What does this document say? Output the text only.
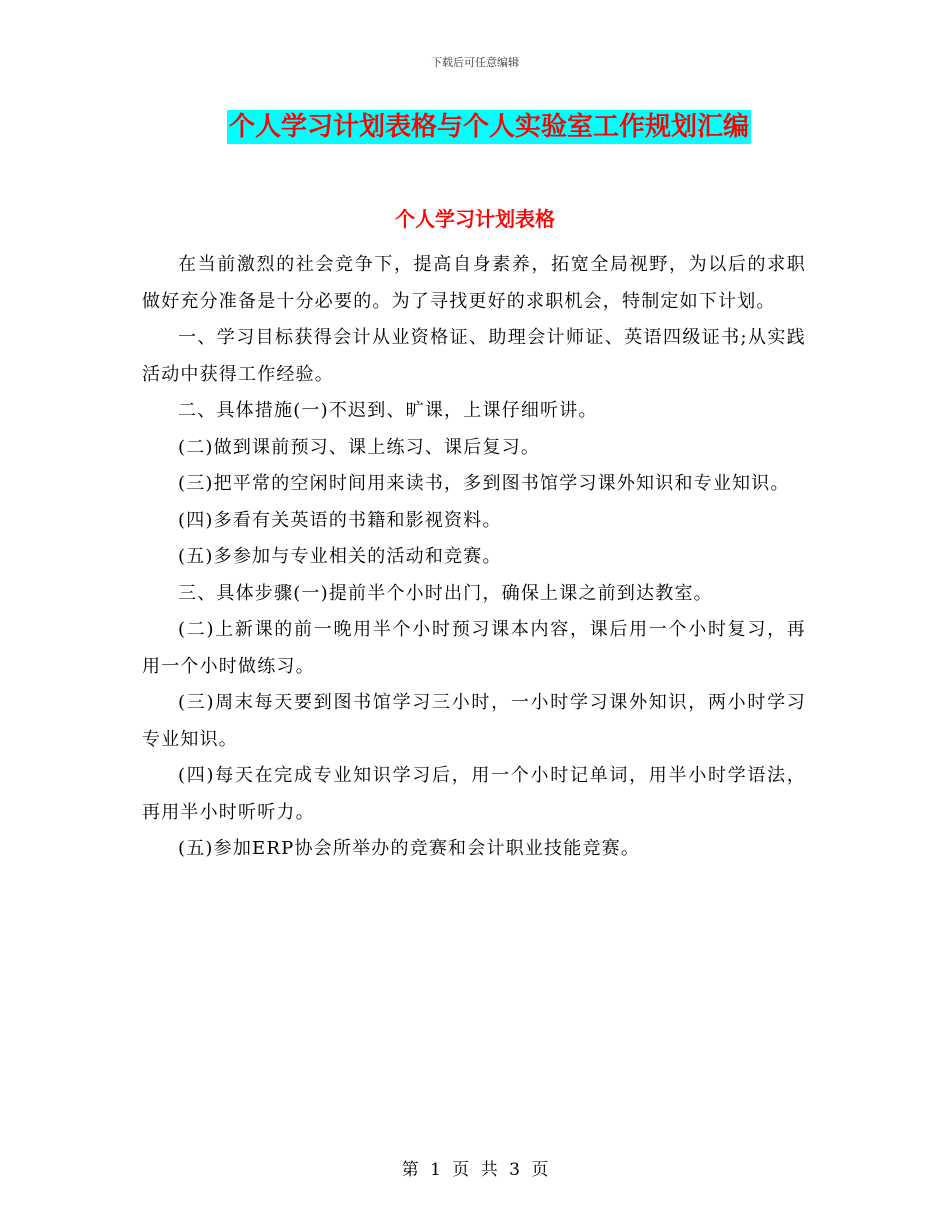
下载后可任意编辑
个人学习计划表格与个人实验室工作规划汇编
个人学习计划表格

在当前激烈的社会竞争下，提高自身素养，拓宽全局视野，为以后的求职做好充分准备是十分必要的。为了寻找更好的求职机会，特制定如下计划。

一、学习目标获得会计从业资格证、助理会计师证、英语四级证书;从实践活动中获得工作经验。

二、具体措施(一)不迟到、旷课，上课仔细听讲。

(二)做到课前预习、课上练习、课后复习。

(三)把平常的空闲时间用来读书，多到图书馆学习课外知识和专业知识。

(四)多看有关英语的书籍和影视资料。

(五)多参加与专业相关的活动和竞赛。

三、具体步骤(一)提前半个小时出门，确保上课之前到达教室。

(二)上新课的前一晚用半个小时预习课本内容，课后用一个小时复习，再用一个小时做练习。

(三)周末每天要到图书馆学习三小时，一小时学习课外知识，两小时学习专业知识。

(四)每天在完成专业知识学习后，用一个小时记单词，用半小时学语法，再用半小时听听力。

(五)参加ERP协会所举办的竞赛和会计职业技能竞赛。

第 1 页 共 3 页
